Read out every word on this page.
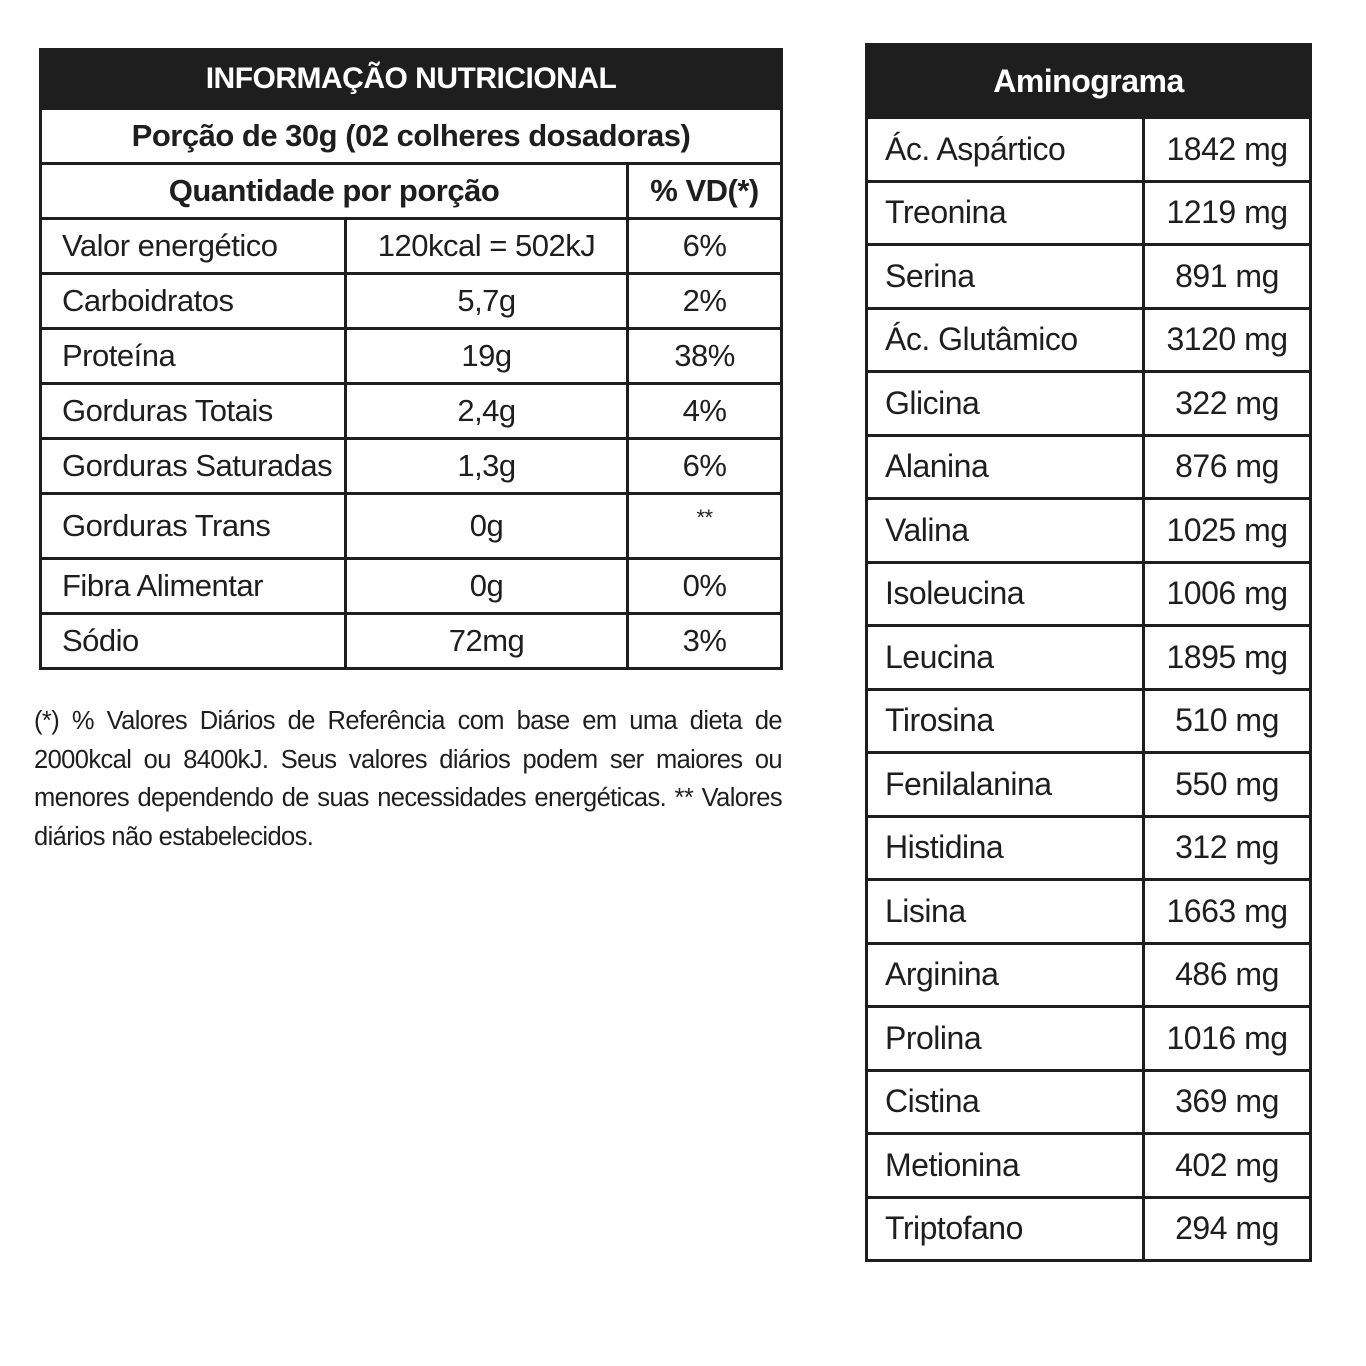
INFORMAÇÃO NUTRICIONAL		
Porção de 30g (02 colheres dosadoras)		
Quantidade por porção		% VD(*)
Valor energético	120kcal = 502kJ	6%
Carboidratos	5,7g	2%
Proteína	19g	38%
Gorduras Totais	2,4g	4%
Gorduras Saturadas	1,3g	6%
Gorduras Trans	0g	**
Fibra Alimentar	0g	0%
Sódio	72mg	3%
(*) % Valores Diários de Referência com base em uma dieta de 2000kcal ou 8400kJ. Seus valores diários podem ser maiores ou menores dependendo de suas necessidades energéticas. ** Valores diários não estabelecidos.
Aminograma	
Ác. Aspártico	1842 mg
Treonina	1219 mg
Serina	891 mg
Ác. Glutâmico	3120 mg
Glicina	322 mg
Alanina	876 mg
Valina	1025 mg
Isoleucina	1006 mg
Leucina	1895 mg
Tirosina	510 mg
Fenilalanina	550 mg
Histidina	312 mg
Lisina	1663 mg
Arginina	486 mg
Prolina	1016 mg
Cistina	369 mg
Metionina	402 mg
Triptofano	294 mg
